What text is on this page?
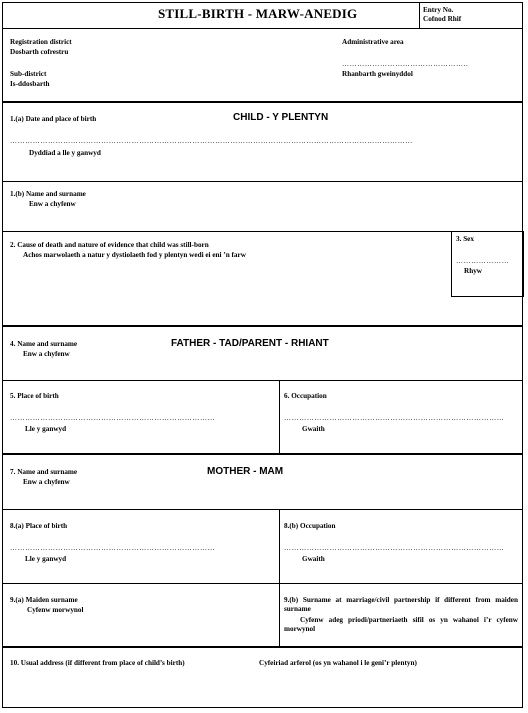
STILL-BIRTH - MARW-ANEDIG	Entry No.
Cofnod Rhif
Registration district
Dosbarth cofrestru
Sub-district
Is-ddosbarth
Administrative area
…………………………………………..
Rhanbarth gweinyddol
CHILD - Y PLENTYN
1.(a) Date and place of birth
……………………………………………………………………………………………………………………………………………
Dyddiad a lle y ganwyd
1.(b) Name and surname
Enw a chyfenw
2. Cause of death and nature of evidence that child was still-born
Achos marwolaeth a natur y dystiolaeth fod y plentyn wedi ei eni ’n farw
3. Sex
…………………
Rhyw
FATHER - TAD/PARENT - RHIANT
4. Name and surname
Enw a chyfenw
5. Place of birth
………………………………………………………………………
Lle y ganwyd
6. Occupation
……………………………………………………………………………
Gwaith
MOTHER - MAM
7. Name and surname
Enw a chyfenw
8.(a) Place of birth
………………………………………………………………………
Lle y ganwyd
8.(b) Occupation
……………………………………………………………………………
Gwaith
9.(a) Maiden surname
Cyfenw morwynol
9.(b) Surname at marriage/civil partnership if different from maiden surname
Cyfenw adeg priodi/partneriaeth sifil os yn wahanol i’r cyfenw morwynol
10. Usual address (if different from place of child’s birth)	Cyfeiriad arferol (os yn wahanol i le geni’r plentyn)
